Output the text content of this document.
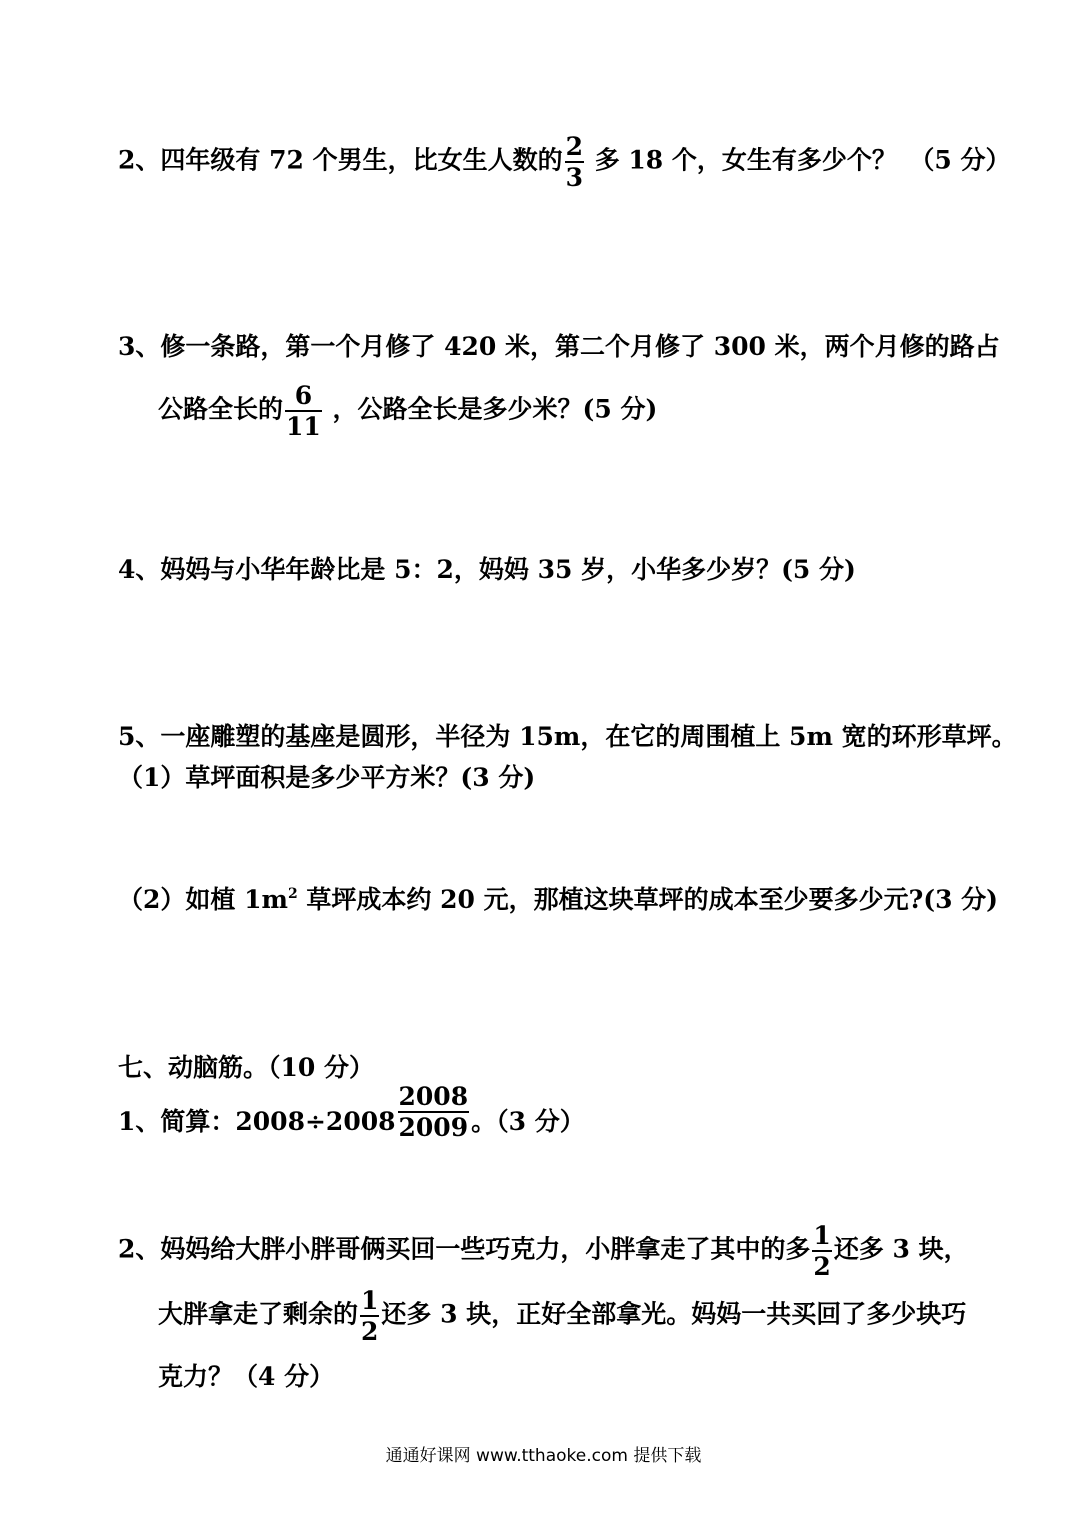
2、四年级有 72 个男生，比女生人数的 $\frac{2}{3}$ 多 18 个，女生有多少个？　（5 分）
3、修一条路，第一个月修了 420 米，第二个月修了 300 米，两个月修的路占
公路全长的 $\frac{6}{11}$ ，公路全长是多少米？(5 分)
4、妈妈与小华年龄比是 5：2，妈妈 35 岁，小华多少岁？(5 分)
5、一座雕塑的基座是圆形，半径为 15m，在它的周围植上 5m 宽的环形草坪。
（1）草坪面积是多少平方米？(3 分)
（2）如植 $1m^2$ 草坪成本约 20 元，那植这块草坪的成本至少要多少元?(3 分)
七、动脑筋。（10 分）
1、简算：$2008\div 2008 \frac{2008}{2009}$ 。（3 分）
2、妈妈给大胖小胖哥俩买回一些巧克力，小胖拿走了其中的多 $\frac{1}{2}$ 还多 3 块，
大胖拿走了剩余的 $\frac{1}{2}$ 还多 3 块，正好全部拿光。妈妈一共买回了多少块巧
克力？（4 分）
通通好课网 www.tthaoke.com 提供下载
